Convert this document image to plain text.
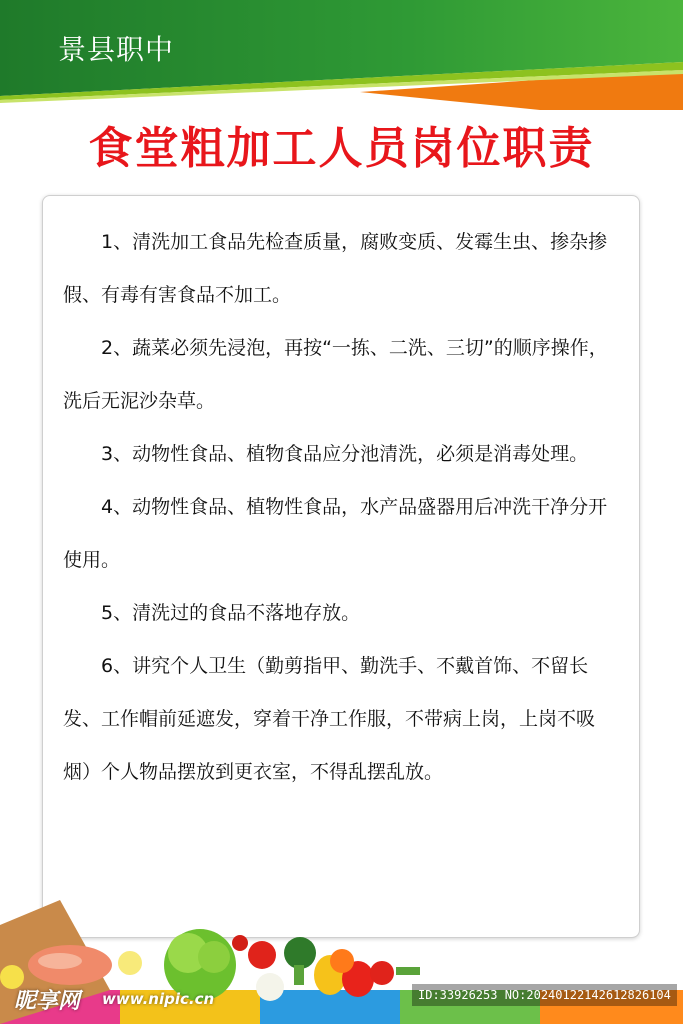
景县职中
食堂粗加工人员岗位职责

1、清洗加工食品先检查质量，腐败变质、发霉生虫、掺杂掺假、有毒有害食品不加工。

2、蔬菜必须先浸泡，再按“一拣、二洗、三切”的顺序操作，洗后无泥沙杂草。

3、动物性食品、植物食品应分池清洗，必须是消毒处理。

4、动物性食品、植物性食品，水产品盛器用后冲洗干净分开使用。

5、清洗过的食品不落地存放。

6、讲究个人卫生（勤剪指甲、勤洗手、不戴首饰、不留长发、工作帽前延遮发，穿着干净工作服，不带病上岗，上岗不吸烟）个人物品摆放到更衣室，不得乱摆乱放。

昵享网 www.nipic.cn	ID:33926253 NO:20240122142612826104
